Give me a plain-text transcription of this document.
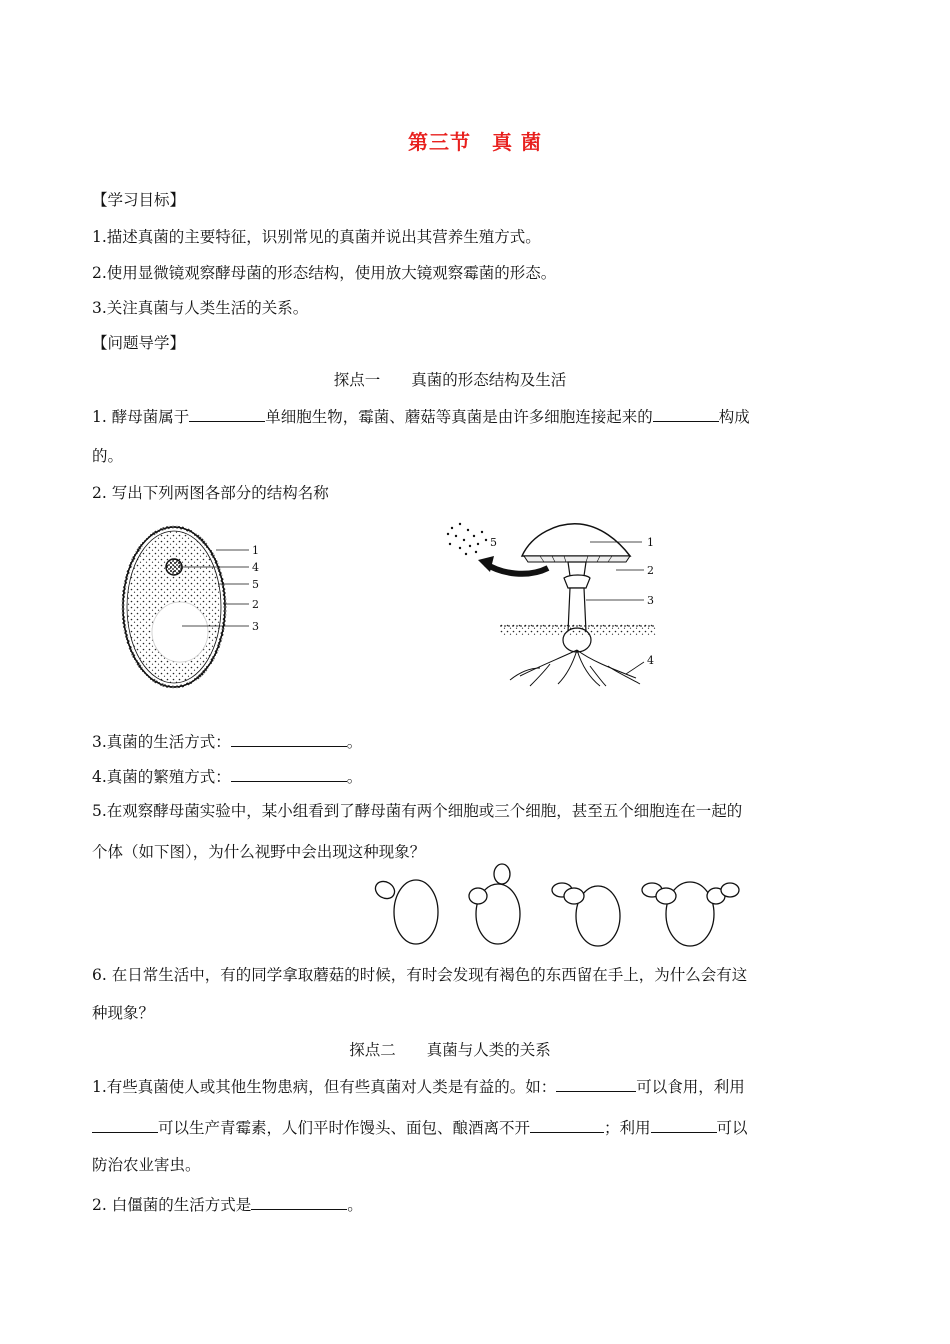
第三节　真 菌
【学习目标】
1.描述真菌的主要特征，识别常见的真菌并说出其营养生殖方式。
2.使用显微镜观察酵母菌的形态结构，使用放大镜观察霉菌的形态。
3.关注真菌与人类生活的关系。
【问题导学】
探点一　　真菌的形态结构及生活
1. 酵母菌属于	单细胞生物，霉菌、蘑菇等真菌是由许多细胞连接起来的	构成
的。
2. 写出下列两图各部分的结构名称
1
4
5
2
3
1
2
3
4
5
3.真菌的生活方式：	。
4.真菌的繁殖方式：	。
5.在观察酵母菌实验中，某小组看到了酵母菌有两个细胞或三个细胞，甚至五个细胞连在一起的
个体（如下图），为什么视野中会出现这种现象？
6. 在日常生活中，有的同学拿取蘑菇的时候，有时会发现有褐色的东西留在手上，为什么会有这
种现象？
探点二　　真菌与人类的关系
1.有些真菌使人或其他生物患病，但有些真菌对人类是有益的。如：	可以食用，利用
可以生产青霉素，人们平时作馒头、面包、酿酒离不开	；利用	可以
防治农业害虫。
2. 白僵菌的生活方式是	。
